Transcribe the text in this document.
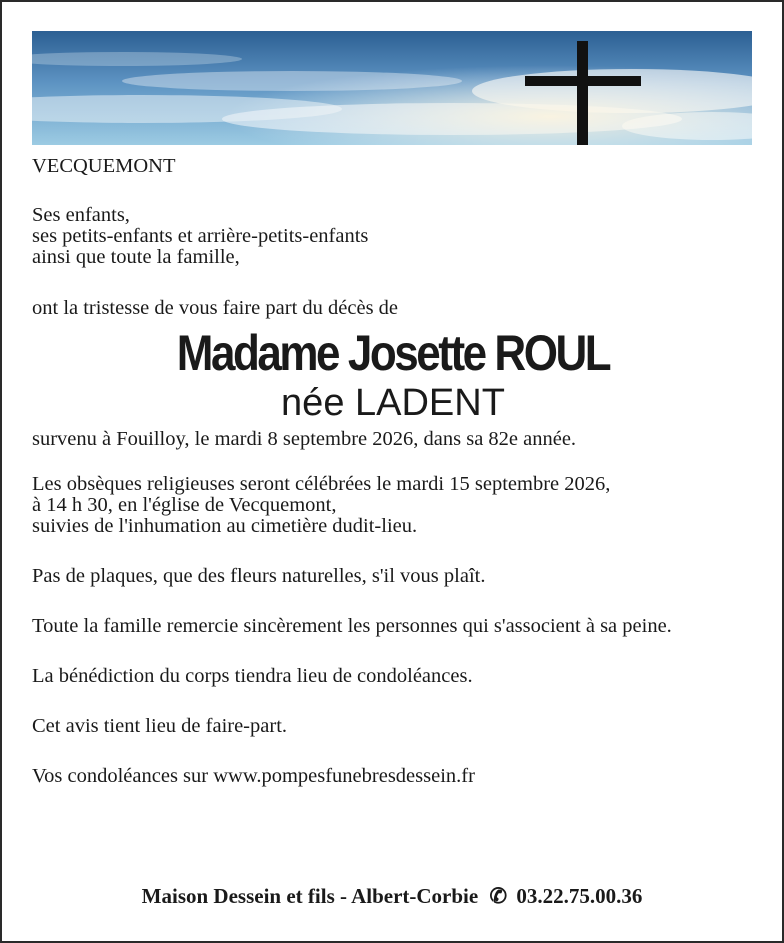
VECQUEMONT

Ses enfants,

ses petits-enfants et arrière-petits-enfants

ainsi que toute la famille,

ont la tristesse de vous faire part du décès de

Madame Josette ROUL

née LADENT

survenu à Fouilloy, le mardi 8 septembre 2026, dans sa 82e année.

Les obsèques religieuses seront célébrées le mardi 15 septembre 2026,

à 14 h 30, en l'église de Vecquemont,

suivies de l'inhumation au cimetière dudit-lieu.

Pas de plaques, que des fleurs naturelles, s'il vous plaît.

Toute la famille remercie sincèrement les personnes qui s'associent à sa peine.

La bénédiction du corps tiendra lieu de condoléances.

Cet avis tient lieu de faire-part.

Vos condoléances sur www.pompesfunebresdessein.fr

Maison Dessein et fils - Albert-Corbie ✆ 03.22.75.00.36
